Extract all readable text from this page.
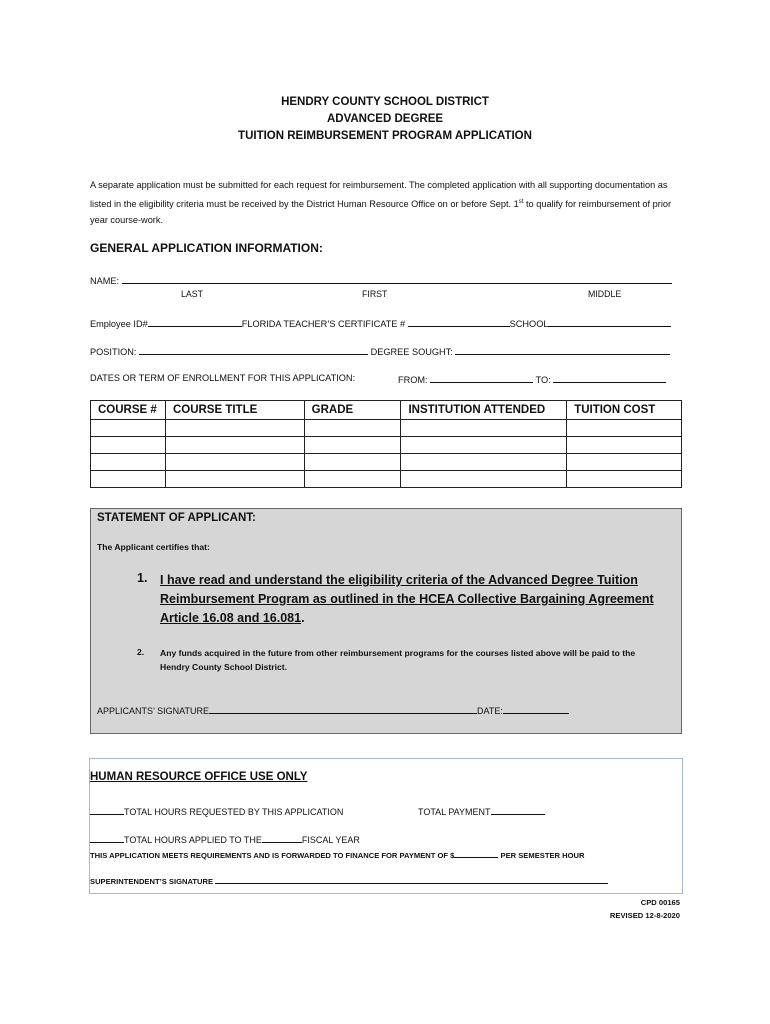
HENDRY COUNTY SCHOOL DISTRICT
ADVANCED DEGREE
TUITION REIMBURSEMENT PROGRAM APPLICATION
A separate application must be submitted for each request for reimbursement. The completed application with all supporting documentation as listed in the eligibility criteria must be received by the District Human Resource Office on or before Sept. 1st to qualify for reimbursement of prior year course-work.
GENERAL APPLICATION INFORMATION:
NAME:
LAST	FIRST	MIDDLE
Employee ID#	FLORIDA TEACHER’S CERTIFICATE #	SCHOOL
POSITION:	DEGREE SOUGHT:
DATES OR TERM OF ENROLLMENT FOR THIS APPLICATION:	FROM:	TO:
COURSE #	COURSE TITLE	GRADE	INSTITUTION ATTENDED	TUITION COST

STATEMENT OF APPLICANT:
The Applicant certifies that:
1. I have read and understand the eligibility criteria of the Advanced Degree Tuition Reimbursement Program as outlined in the HCEA Collective Bargaining Agreement Article 16.08 and 16.081.
2. Any funds acquired in the future from other reimbursement programs for the courses listed above will be paid to the Hendry County School District.
APPLICANTS’ SIGNATURE	DATE:
HUMAN RESOURCE OFFICE USE ONLY
TOTAL HOURS REQUESTED BY THIS APPLICATION	TOTAL PAYMENT
TOTAL HOURS APPLIED TO THE	FISCAL YEAR
THIS APPLICATION MEETS REQUIREMENTS AND IS FORWARDED TO FINANCE FOR PAYMENT OF $	PER SEMESTER HOUR
SUPERINTENDENT’S SIGNATURE
CPD 00165
REVISED 12-8-2020
